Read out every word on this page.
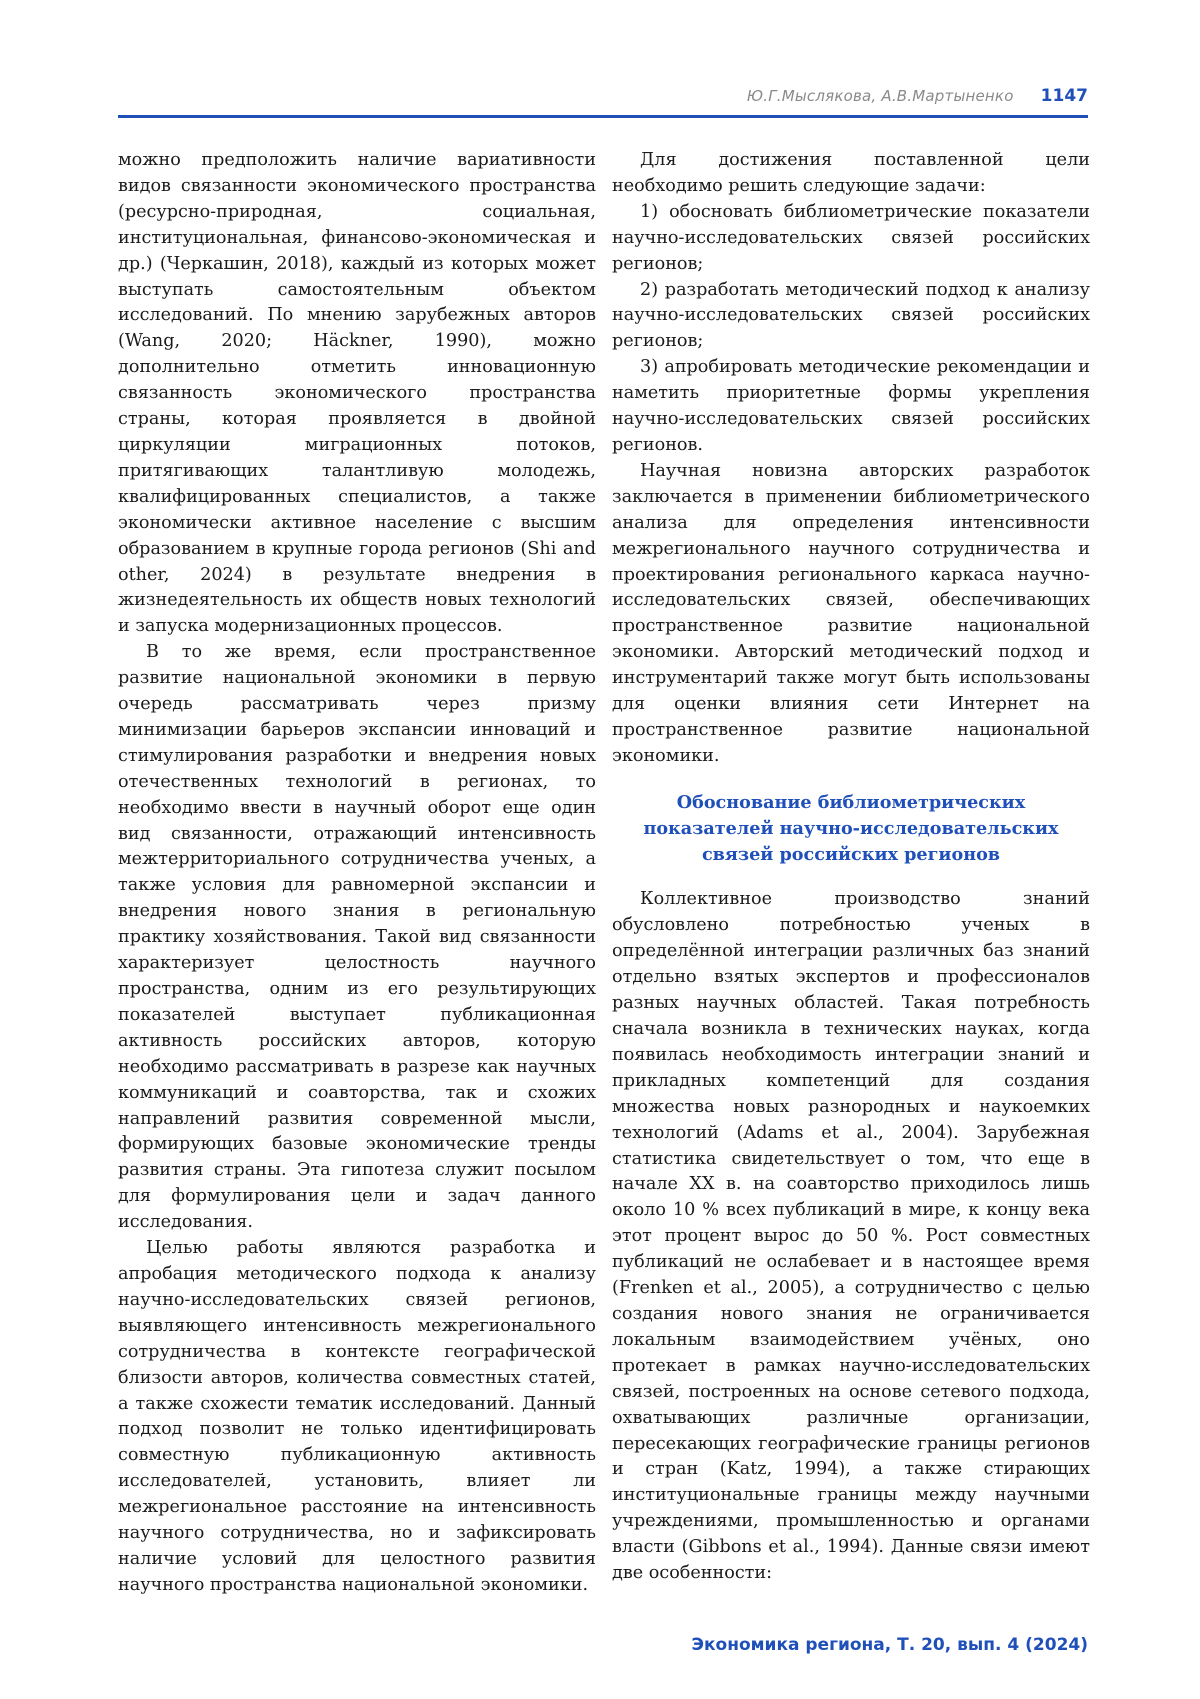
Ю.Г.Мыслякова, А.В.Мартыненко 1147

можно предположить наличие вариативности видов связанности экономического пространства (ресурсно-природная, социальная, институциональная, финансово-экономическая и др.) (Черкашин, 2018), каждый из которых может выступать самостоятельным объектом исследований. По мнению зарубежных авторов (Wang, 2020; Häckner, 1990), можно дополнительно отметить инновационную связанность экономического пространства страны, которая проявляется в двойной циркуляции миграционных потоков, притягивающих талантливую молодежь, квалифицированных специалистов, а также экономически активное население с высшим образованием в крупные города регионов (Shi and other, 2024) в результате внедрения в жизнедеятельность их обществ новых технологий и запуска модернизационных процессов.

В то же время, если пространственное развитие национальной экономики в первую очередь рассматривать через призму минимизации барьеров экспансии инноваций и стимулирования разработки и внедрения новых отечественных технологий в регионах, то необходимо ввести в научный оборот еще один вид связанности, отражающий интенсивность межтерриториального сотрудничества ученых, а также условия для равномерной экспансии и внедрения нового знания в региональную практику хозяйствования. Такой вид связанности характеризует целостность научного пространства, одним из его результирующих показателей выступает публикационная активность российских авторов, которую необходимо рассматривать в разрезе как научных коммуникаций и соавторства, так и схожих направлений развития современной мысли, формирующих базовые экономические тренды развития страны. Эта гипотеза служит посылом для формулирования цели и задач данного исследования.

Целью работы являются разработка и апробация методического подхода к анализу научно-исследовательских связей регионов, выявляющего интенсивность межрегионального сотрудничества в контексте географической близости авторов, количества совместных статей, а также схожести тематик исследований. Данный подход позволит не только идентифицировать совместную публикационную активность исследователей, установить, влияет ли межрегиональное расстояние на интенсивность научного сотрудничества, но и зафиксировать наличие условий для целостного развития научного пространства национальной экономики.

Для достижения поставленной цели необходимо решить следующие задачи:

1) обосновать библиометрические показатели научно-исследовательских связей российских регионов;

2) разработать методический подход к анализу научно-исследовательских связей российских регионов;

3) апробировать методические рекомендации и наметить приоритетные формы укрепления научно-исследовательских связей российских регионов.

Научная новизна авторских разработок заключается в применении библиометрического анализа для определения интенсивности межрегионального научного сотрудничества и проектирования регионального каркаса научно-исследовательских связей, обеспечивающих пространственное развитие национальной экономики. Авторский методический подход и инструментарий также могут быть использованы для оценки влияния сети Интернет на пространственное развитие национальной экономики.

Обоснование библиометрических показателей научно-исследовательских связей российских регионов

Коллективное производство знаний обусловлено потребностью ученых в определённой интеграции различных баз знаний отдельно взятых экспертов и профессионалов разных научных областей. Такая потребность сначала возникла в технических науках, когда появилась необходимость интеграции знаний и прикладных компетенций для создания множества новых разнородных и наукоемких технологий (Adams et al., 2004). Зарубежная статистика свидетельствует о том, что еще в начале XX в. на соавторство приходилось лишь около 10 % всех публикаций в мире, к концу века этот процент вырос до 50 %. Рост совместных публикаций не ослабевает и в настоящее время (Frenken et al., 2005), а сотрудничество с целью создания нового знания не ограничивается локальным взаимодействием учёных, оно протекает в рамках научно-исследовательских связей, построенных на основе сетевого подхода, охватывающих различные организации, пересекающих географические границы регионов и стран (Katz, 1994), а также стирающих институциональные границы между научными учреждениями, промышленностью и органами власти (Gibbons et al., 1994). Данные связи имеют две особенности:

Экономика региона, Т. 20, вып. 4 (2024)
